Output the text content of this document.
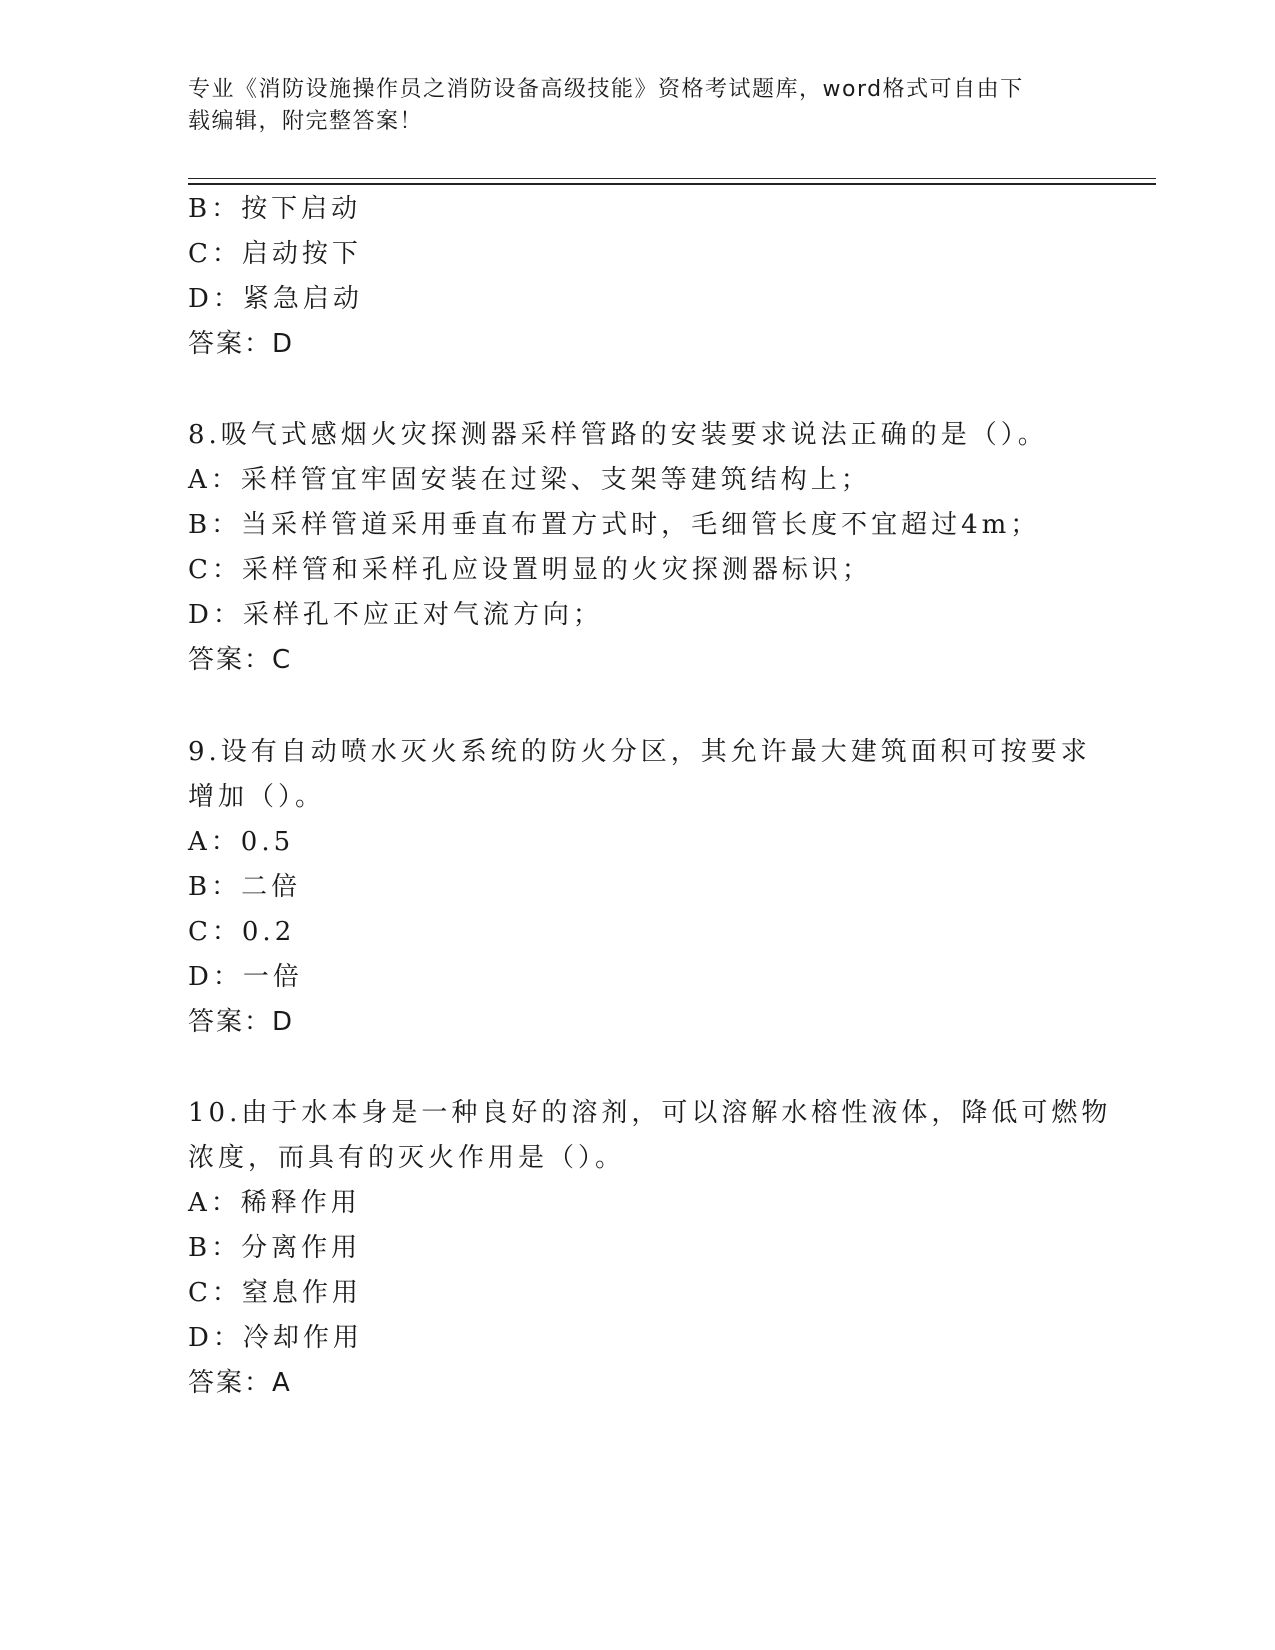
专业《消防设施操作员之消防设备高级技能》资格考试题库，word格式可自由下
载编辑，附完整答案！
B：按下启动
C：启动按下
D：紧急启动
答案：D
8.吸气式感烟火灾探测器采样管路的安装要求说法正确的是（）。
A：采样管宜牢固安装在过梁、支架等建筑结构上；
B：当采样管道采用垂直布置方式时，毛细管长度不宜超过4m；
C：采样管和采样孔应设置明显的火灾探测器标识；
D：采样孔不应正对气流方向；
答案：C
9.设有自动喷水灭火系统的防火分区，其允许最大建筑面积可按要求
增加（）。
A：0.5
B：二倍
C：0.2
D：一倍
答案：D
10.由于水本身是一种良好的溶剂，可以溶解水榕性液体，降低可燃物
浓度，而具有的灭火作用是（）。
A：稀释作用
B：分离作用
C：窒息作用
D：冷却作用
答案：A
